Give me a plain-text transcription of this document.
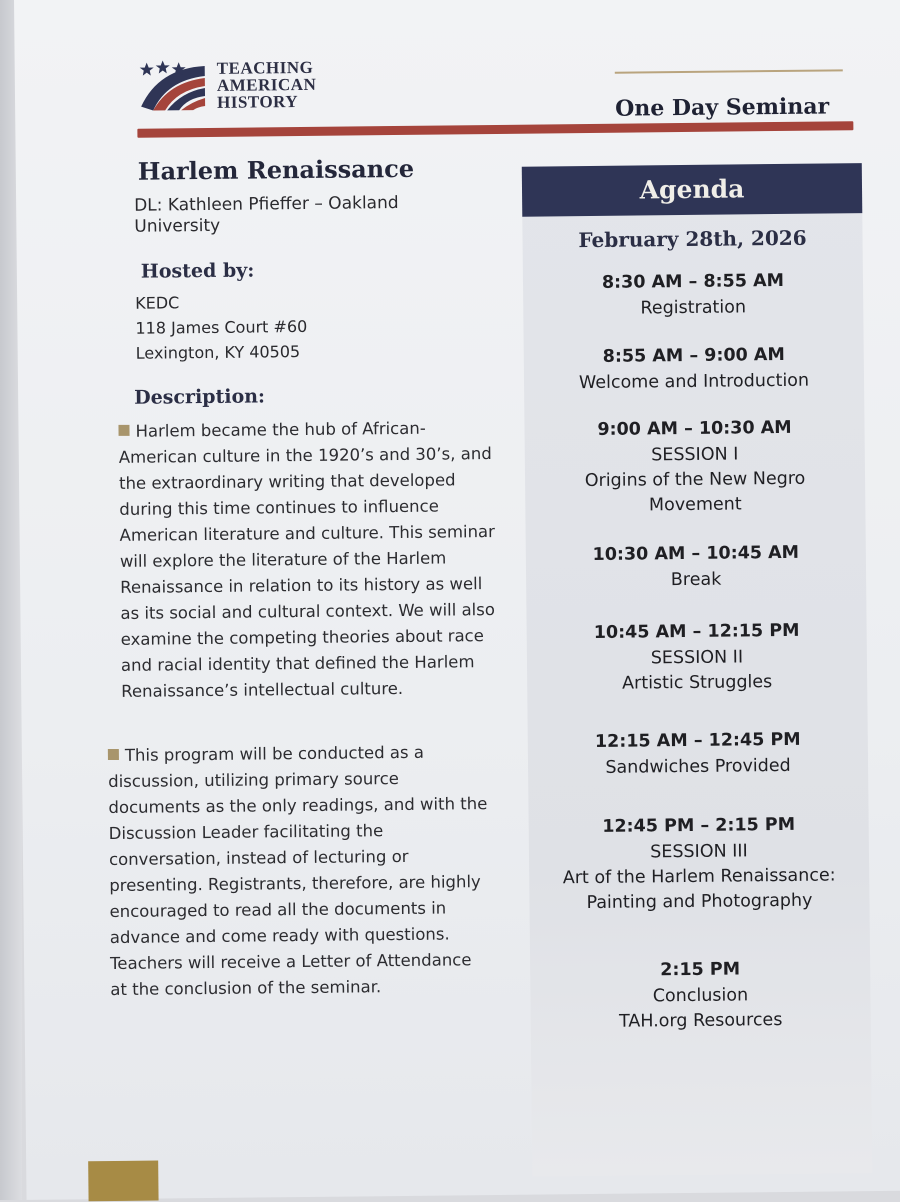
TEACHING
AMERICAN
HISTORY	One Day Seminar
Harlem Renaissance
DL: Kathleen Pfieffer – Oakland University
Hosted by:
KEDC
118 James Court #60
Lexington, KY 40505
Description:
Harlem became the hub of African-American culture in the 1920’s and 30’s, and the extraordinary writing that developed during this time continues to influence American literature and culture. This seminar will explore the literature of the Harlem Renaissance in relation to its history as well as its social and cultural context. We will also examine the competing theories about race and racial identity that defined the Harlem Renaissance’s intellectual culture.
This program will be conducted as a discussion, utilizing primary source documents as the only readings, and with the Discussion Leader facilitating the conversation, instead of lecturing or presenting. Registrants, therefore, are highly encouraged to read all the documents in advance and come ready with questions. Teachers will receive a Letter of Attendance at the conclusion of the seminar.
Agenda
February 28th, 2026
8:30 AM – 8:55 AM
Registration
8:55 AM – 9:00 AM
Welcome and Introduction
9:00 AM – 10:30 AM
SESSION I
Origins of the New Negro
Movement
10:30 AM – 10:45 AM
Break
10:45 AM – 12:15 PM
SESSION II
Artistic Struggles
12:15 AM – 12:45 PM
Sandwiches Provided
12:45 PM – 2:15 PM
SESSION III
Art of the Harlem Renaissance:
Painting and Photography
2:15 PM
Conclusion
TAH.org Resources
